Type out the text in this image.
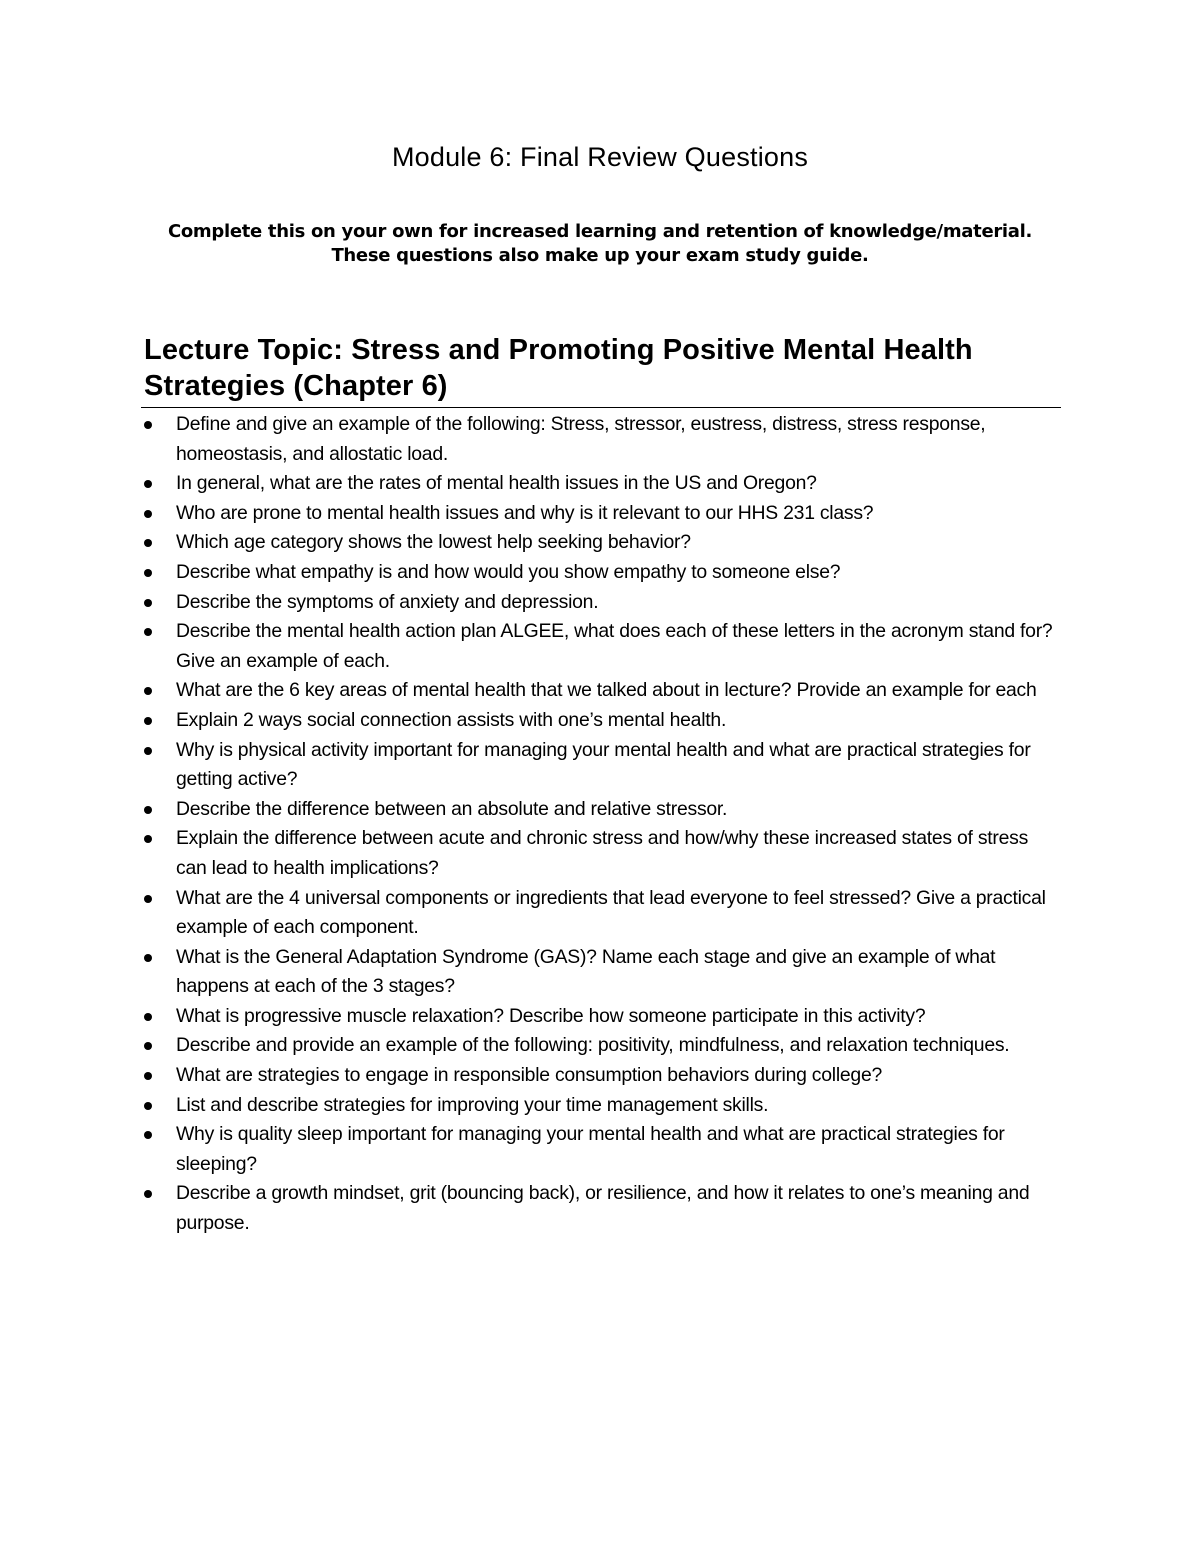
Module 6: Final Review Questions
Complete this on your own for increased learning and retention of knowledge/material.
These questions also make up your exam study guide.
Lecture Topic: Stress and Promoting Positive Mental Health Strategies (Chapter 6)
Define and give an example of the following: Stress, stressor, eustress, distress, stress response, homeostasis, and allostatic load.
In general, what are the rates of mental health issues in the US and Oregon?
Who are prone to mental health issues and why is it relevant to our HHS 231 class?
Which age category shows the lowest help seeking behavior?
Describe what empathy is and how would you show empathy to someone else?
Describe the symptoms of anxiety and depression.
Describe the mental health action plan ALGEE, what does each of these letters in the acronym stand for? Give an example of each.
What are the 6 key areas of mental health that we talked about in lecture? Provide an example for each
Explain 2 ways social connection assists with one’s mental health.
Why is physical activity important for managing your mental health and what are practical strategies for getting active?
Describe the difference between an absolute and relative stressor.
Explain the difference between acute and chronic stress and how/why these increased states of stress can lead to health implications?
What are the 4 universal components or ingredients that lead everyone to feel stressed? Give a practical example of each component.
What is the General Adaptation Syndrome (GAS)? Name each stage and give an example of what happens at each of the 3 stages?
What is progressive muscle relaxation? Describe how someone participate in this activity?
Describe and provide an example of the following: positivity, mindfulness, and relaxation techniques.
What are strategies to engage in responsible consumption behaviors during college?
List and describe strategies for improving your time management skills.
Why is quality sleep important for managing your mental health and what are practical strategies for sleeping?
Describe a growth mindset, grit (bouncing back), or resilience, and how it relates to one’s meaning and purpose.
